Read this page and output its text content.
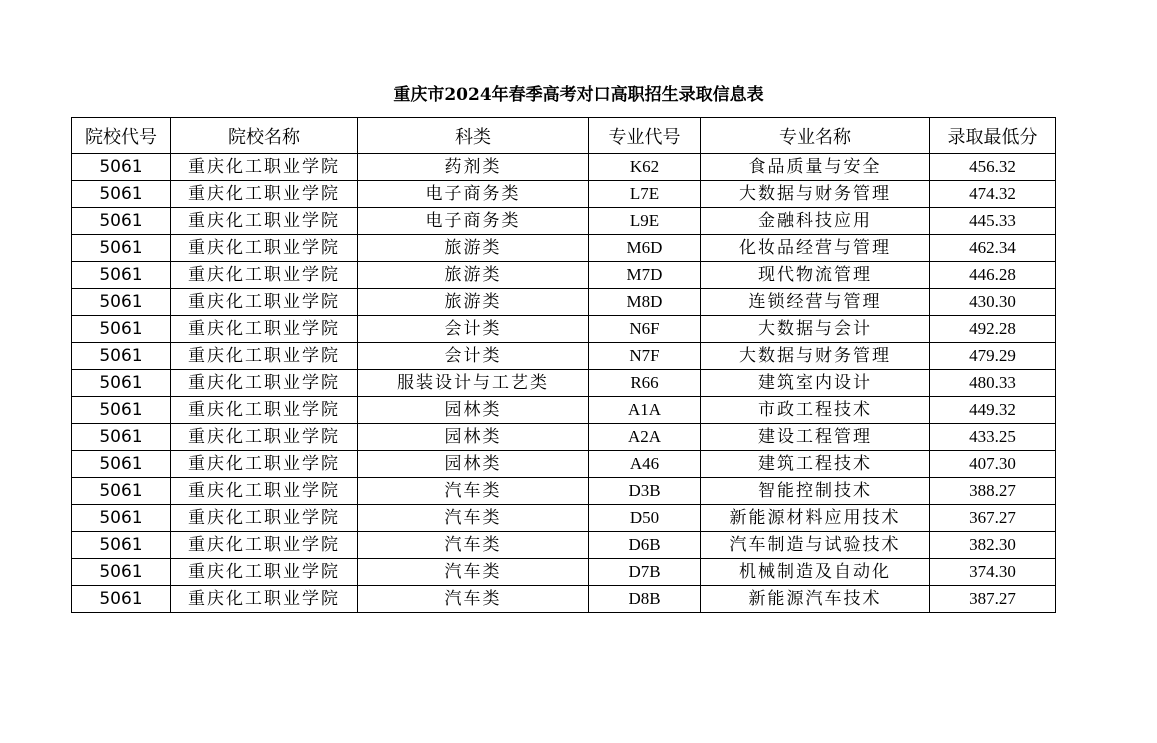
重庆市2024年春季高考对口高职招生录取信息表
院校代号	院校名称	科类	专业代号	专业名称	录取最低分
5061	重庆化工职业学院	药剂类	K62	食品质量与安全	456.32
5061	重庆化工职业学院	电子商务类	L7E	大数据与财务管理	474.32
5061	重庆化工职业学院	电子商务类	L9E	金融科技应用	445.33
5061	重庆化工职业学院	旅游类	M6D	化妆品经营与管理	462.34
5061	重庆化工职业学院	旅游类	M7D	现代物流管理	446.28
5061	重庆化工职业学院	旅游类	M8D	连锁经营与管理	430.30
5061	重庆化工职业学院	会计类	N6F	大数据与会计	492.28
5061	重庆化工职业学院	会计类	N7F	大数据与财务管理	479.29
5061	重庆化工职业学院	服装设计与工艺类	R66	建筑室内设计	480.33
5061	重庆化工职业学院	园林类	A1A	市政工程技术	449.32
5061	重庆化工职业学院	园林类	A2A	建设工程管理	433.25
5061	重庆化工职业学院	园林类	A46	建筑工程技术	407.30
5061	重庆化工职业学院	汽车类	D3B	智能控制技术	388.27
5061	重庆化工职业学院	汽车类	D50	新能源材料应用技术	367.27
5061	重庆化工职业学院	汽车类	D6B	汽车制造与试验技术	382.30
5061	重庆化工职业学院	汽车类	D7B	机械制造及自动化	374.30
5061	重庆化工职业学院	汽车类	D8B	新能源汽车技术	387.27
